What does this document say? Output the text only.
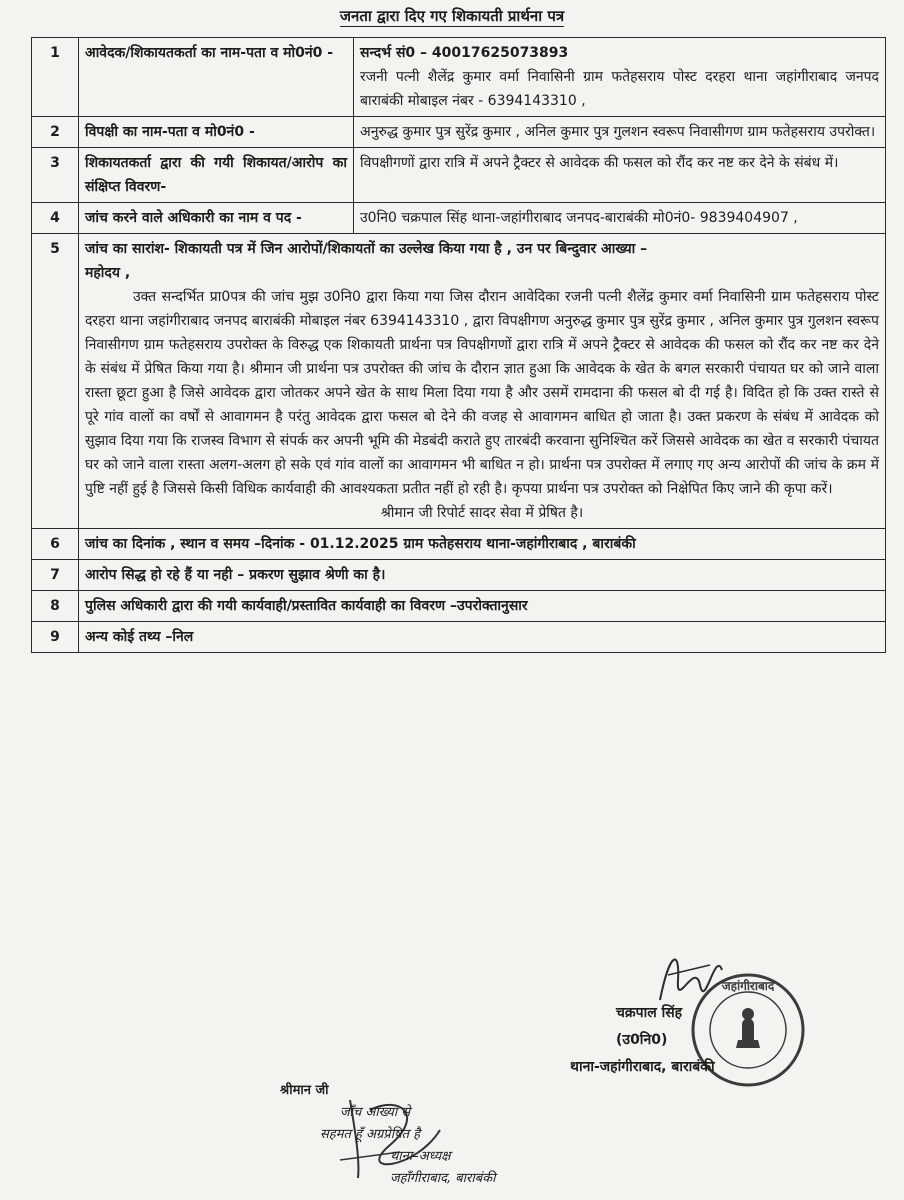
जनता द्वारा दिए गए शिकायती प्रार्थना पत्र
1	आवेदक/शिकायतकर्ता का नाम-पता व मो0नं0 -	सन्दर्भ सं0 – 40017625073893
रजनी पत्नी शैलेंद्र कुमार वर्मा निवासिनी ग्राम फतेहसराय पोस्ट दरहरा थाना जहांगीराबाद जनपद बाराबंकी मोबाइल नंबर - 6394143310 ,

2	विपक्षी का नाम-पता व मो0नं0 -	अनुरुद्ध कुमार पुत्र सुरेंद्र कुमार , अनिल कुमार पुत्र गुलशन स्वरूप निवासीगण ग्राम फतेहसराय उपरोक्त।
3	शिकायतकर्ता द्वारा की गयी शिकायत/आरोप का संक्षिप्त विवरण-	विपक्षीगणों द्वारा रात्रि में अपने ट्रैक्टर से आवेदक की फसल को रौंद कर नष्ट कर देने के संबंध में।
4	जांच करने वाले अधिकारी का नाम व पद -	उ0नि0 चक्रपाल सिंह थाना-जहांगीराबाद जनपद-बाराबंकी मो0नं0- 9839404907 ,
5	जांच का सारांश- शिकायती पत्र में जिन आरोपों/शिकायतों का उल्लेख किया गया है , उन पर बिन्दुवार आख्या –
महोदय ,
उक्त सन्दर्भित प्रा0पत्र की जांच मुझ उ0नि0 द्वारा किया गया जिस दौरान आवेदिका रजनी पत्नी शैलेंद्र कुमार वर्मा निवासिनी ग्राम फतेहसराय पोस्ट दरहरा थाना जहांगीराबाद जनपद बाराबंकी मोबाइल नंबर 6394143310 , द्वारा विपक्षीगण अनुरुद्ध कुमार पुत्र सुरेंद्र कुमार , अनिल कुमार पुत्र गुलशन स्वरूप निवासीगण ग्राम फतेहसराय उपरोक्त के विरुद्ध एक शिकायती प्रार्थना पत्र विपक्षीगणों द्वारा रात्रि में अपने ट्रैक्टर से आवेदक की फसल को रौंद कर नष्ट कर देने के संबंध में प्रेषित किया गया है। श्रीमान जी प्रार्थना पत्र उपरोक्त की जांच के दौरान ज्ञात हुआ कि आवेदक के खेत के बगल सरकारी पंचायत घर को जाने वाला रास्ता छूटा हुआ है जिसे आवेदक द्वारा जोतकर अपने खेत के साथ मिला दिया गया है और उसमें रामदाना की फसल बो दी गई है। विदित हो कि उक्त रास्ते से पूरे गांव वालों का वर्षों से आवागमन है परंतु आवेदक द्वारा फसल बो देने की वजह से आवागमन बाधित हो जाता है। उक्त प्रकरण के संबंध में आवेदक को सुझाव दिया गया कि राजस्व विभाग से संपर्क कर अपनी भूमि की मेडबंदी कराते हुए तारबंदी करवाना सुनिश्चित करें जिससे आवेदक का खेत व सरकारी पंचायत घर को जाने वाला रास्ता अलग-अलग हो सके एवं गांव वालों का आवागमन भी बाधित न हो। प्रार्थना पत्र उपरोक्त में लगाए गए अन्य आरोपों की जांच के क्रम में पुष्टि नहीं हुई है जिससे किसी विधिक कार्यवाही की आवश्यकता प्रतीत नहीं हो रही है। कृपया प्रार्थना पत्र उपरोक्त को निक्षेपित किए जाने की कृपा करें।
श्रीमान जी रिपोर्ट सादर सेवा में प्रेषित है।	

6	जांच का दिनांक , स्थान व समय –दिनांक - 01.12.2025 ग्राम फतेहसराय थाना-जहांगीराबाद , बाराबंकी	
7	आरोप सिद्ध हो रहे हैं या नही – प्रकरण सुझाव श्रेणी का है।	
8	पुलिस अधिकारी द्वारा की गयी कार्यवाही/प्रस्तावित कार्यवाही का विवरण –उपरोक्तानुसार	
9	अन्य कोई तथ्य –निल	
जहांगीराबाद
चक्रपाल सिंह
(उ0नि0)
थाना-जहांगीराबाद, बाराबंकी
श्रीमान जी
जाँच आख्या से
सहमत हूँ अग्रप्रेषित है
थाना–अध्यक्ष
जहाँगीराबाद, बाराबंकी
